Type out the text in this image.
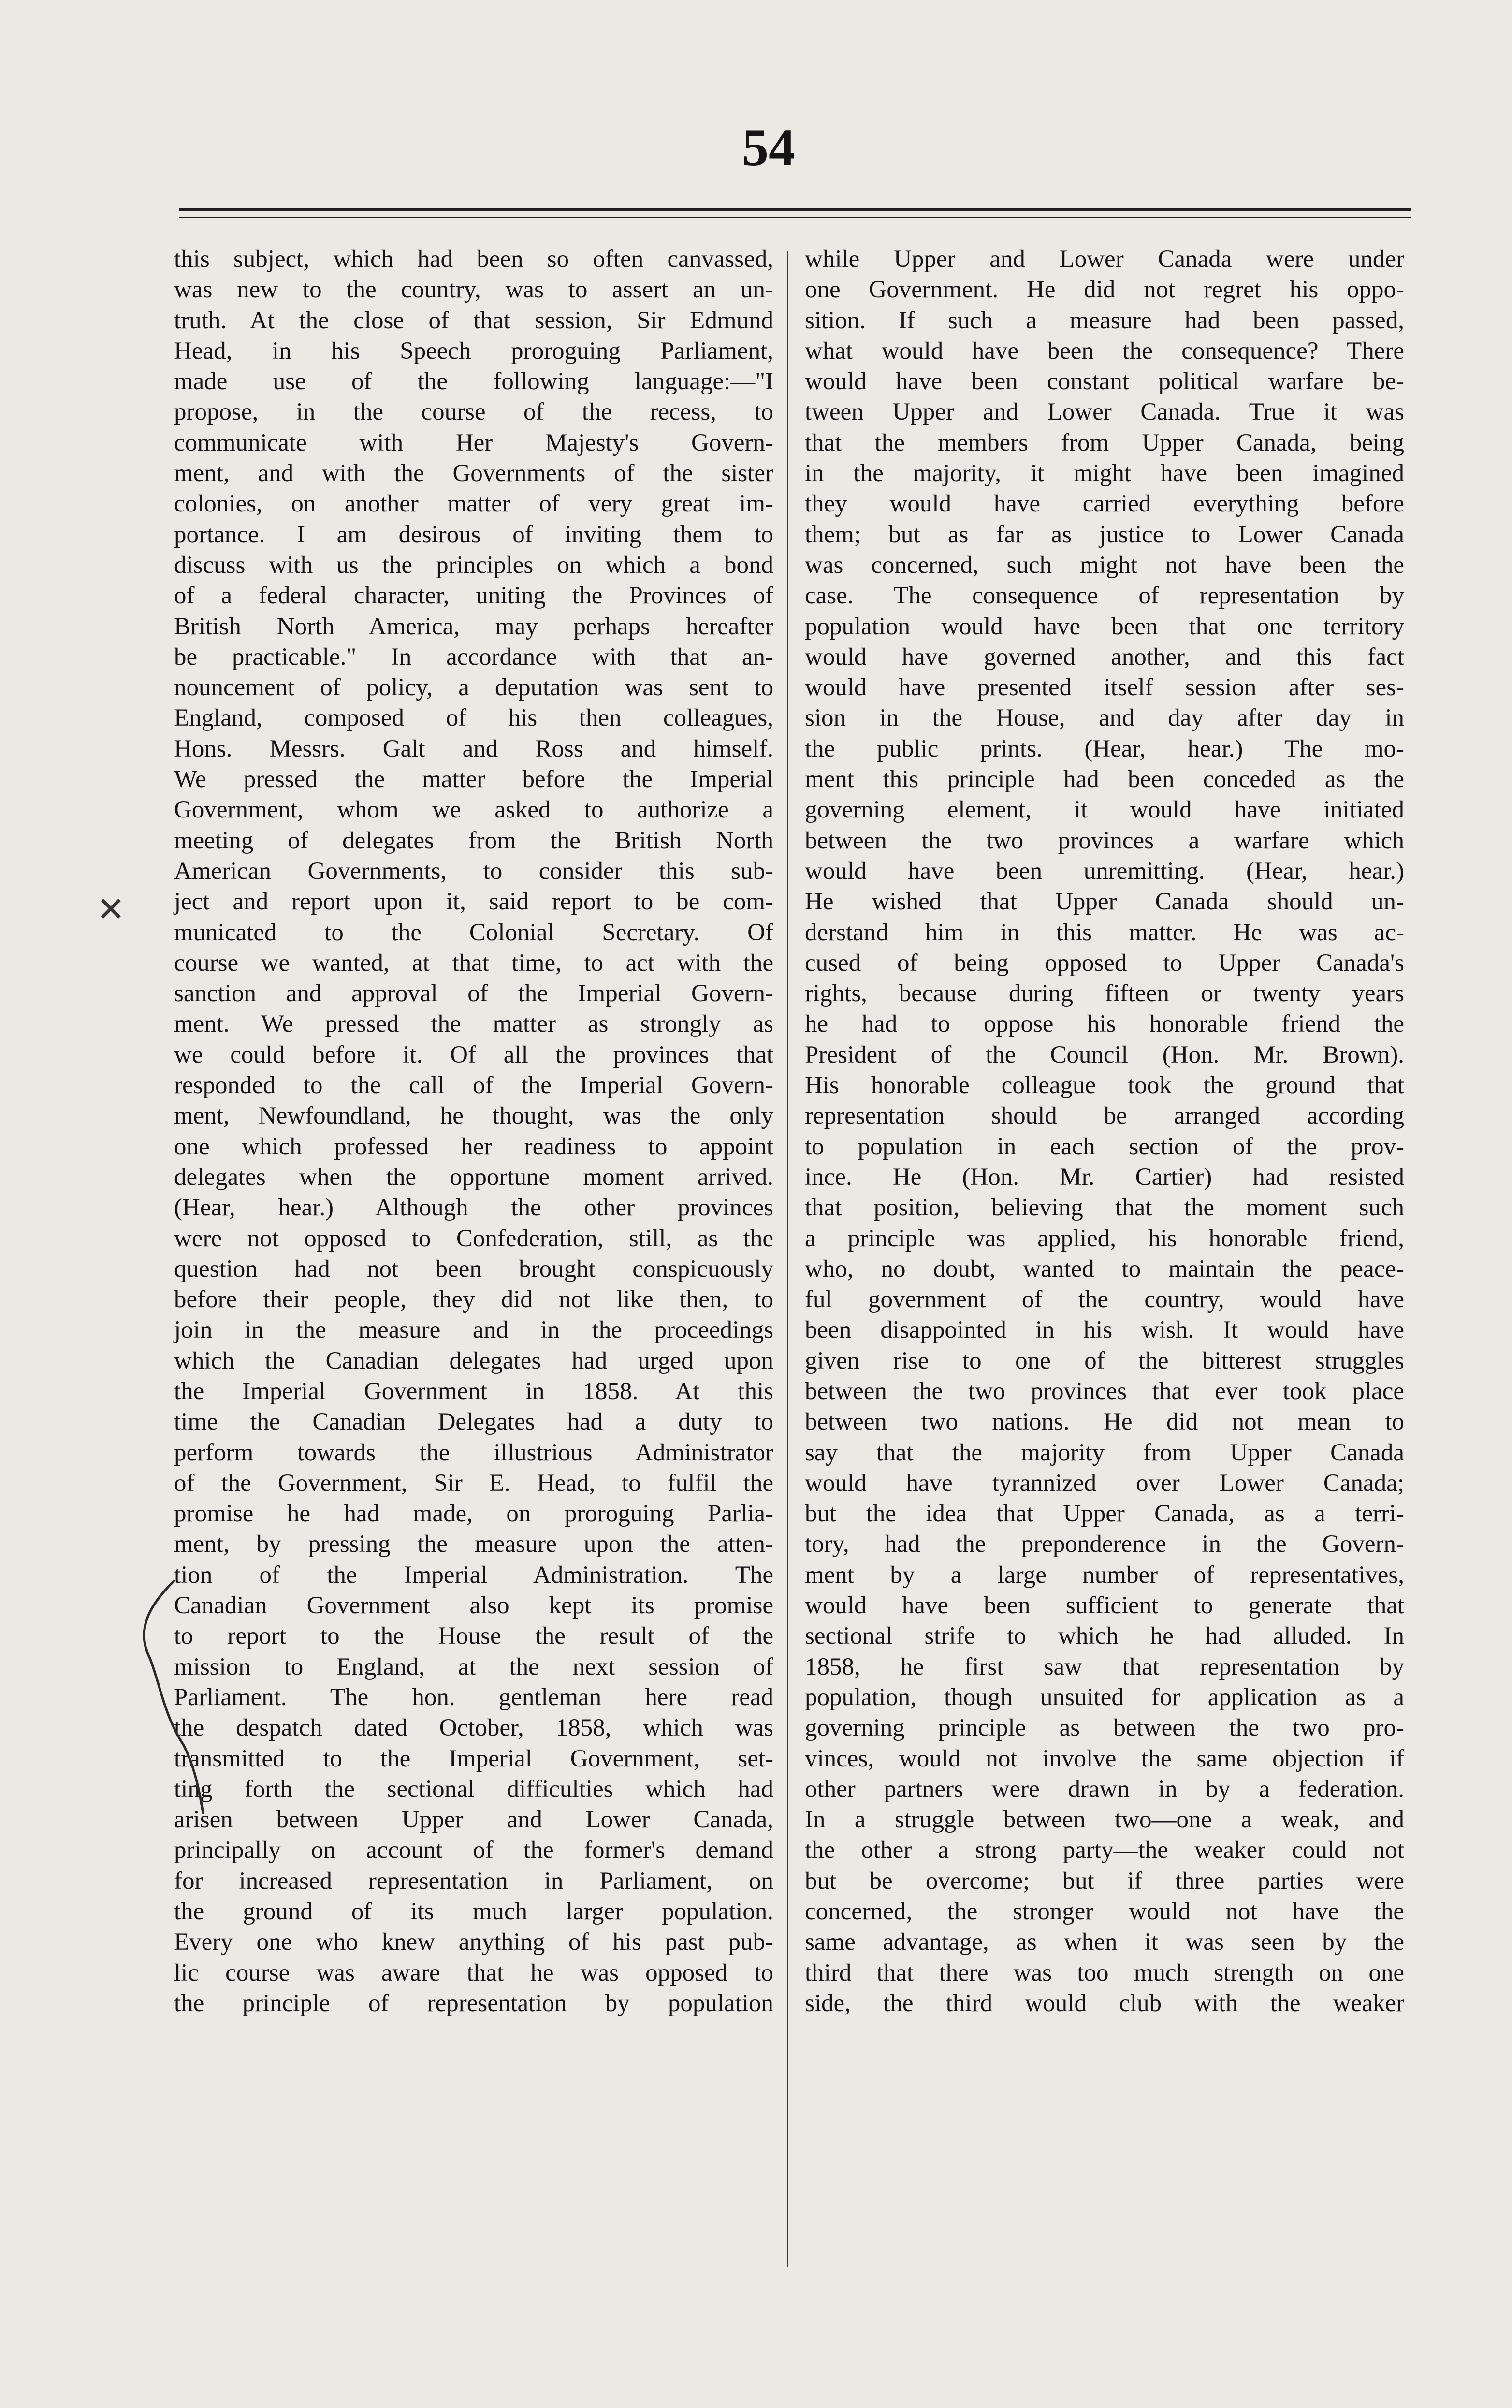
54
this subject, which had been so often canvassed,
was new to the country, was to assert an un-
truth. At the close of that session, Sir Edmund
Head, in his Speech proroguing Parliament,
made use of the following language:—"I
propose, in the course of the recess, to
communicate with Her Majesty's Govern-
ment, and with the Governments of the sister
colonies, on another matter of very great im-
portance. I am desirous of inviting them to
discuss with us the principles on which a bond
of a federal character, uniting the Provinces of
British North America, may perhaps hereafter
be practicable." In accordance with that an-
nouncement of policy, a deputation was sent to
England, composed of his then colleagues,
Hons. Messrs. Galt and Ross and himself.
We pressed the matter before the Imperial
Government, whom we asked to authorize a
meeting of delegates from the British North
American Governments, to consider this sub-
ject and report upon it, said report to be com-
municated to the Colonial Secretary. Of
course we wanted, at that time, to act with the
sanction and approval of the Imperial Govern-
ment. We pressed the matter as strongly as
we could before it. Of all the provinces that
responded to the call of the Imperial Govern-
ment, Newfoundland, he thought, was the only
one which professed her readiness to appoint
delegates when the opportune moment arrived.
(Hear, hear.) Although the other provinces
were not opposed to Confederation, still, as the
question had not been brought conspicuously
before their people, they did not like then, to
join in the measure and in the proceedings
which the Canadian delegates had urged upon
the Imperial Government in 1858. At this
time the Canadian Delegates had a duty to
perform towards the illustrious Administrator
of the Government, Sir E. Head, to fulfil the
promise he had made, on proroguing Parlia-
ment, by pressing the measure upon the atten-
tion of the Imperial Administration. The
Canadian Government also kept its promise
to report to the House the result of the
mission to England, at the next session of
Parliament. The hon. gentleman here read
the despatch dated October, 1858, which was
transmitted to the Imperial Government, set-
ting forth the sectional difficulties which had
arisen between Upper and Lower Canada,
principally on account of the former's demand
for increased representation in Parliament, on
the ground of its much larger population.
Every one who knew anything of his past pub-
lic course was aware that he was opposed to
the principle of representation by population
while Upper and Lower Canada were under
one Government. He did not regret his oppo-
sition. If such a measure had been passed,
what would have been the consequence? There
would have been constant political warfare be-
tween Upper and Lower Canada. True it was
that the members from Upper Canada, being
in the majority, it might have been imagined
they would have carried everything before
them; but as far as justice to Lower Canada
was concerned, such might not have been the
case. The consequence of representation by
population would have been that one territory
would have governed another, and this fact
would have presented itself session after ses-
sion in the House, and day after day in
the public prints. (Hear, hear.) The mo-
ment this principle had been conceded as the
governing element, it would have initiated
between the two provinces a warfare which
would have been unremitting. (Hear, hear.)
He wished that Upper Canada should un-
derstand him in this matter. He was ac-
cused of being opposed to Upper Canada's
rights, because during fifteen or twenty years
he had to oppose his honorable friend the
President of the Council (Hon. Mr. Brown).
His honorable colleague took the ground that
representation should be arranged according
to population in each section of the prov-
ince. He (Hon. Mr. Cartier) had resisted
that position, believing that the moment such
a principle was applied, his honorable friend,
who, no doubt, wanted to maintain the peace-
ful government of the country, would have
been disappointed in his wish. It would have
given rise to one of the bitterest struggles
between the two provinces that ever took place
between two nations. He did not mean to
say that the majority from Upper Canada
would have tyrannized over Lower Canada;
but the idea that Upper Canada, as a terri-
tory, had the preponderence in the Govern-
ment by a large number of representatives,
would have been sufficient to generate that
sectional strife to which he had alluded. In
1858, he first saw that representation by
population, though unsuited for application as a
governing principle as between the two pro-
vinces, would not involve the same objection if
other partners were drawn in by a federation.
In a struggle between two—one a weak, and
the other a strong party—the weaker could not
but be overcome; but if three parties were
concerned, the stronger would not have the
same advantage, as when it was seen by the
third that there was too much strength on one
side, the third would club with the weaker
✕
